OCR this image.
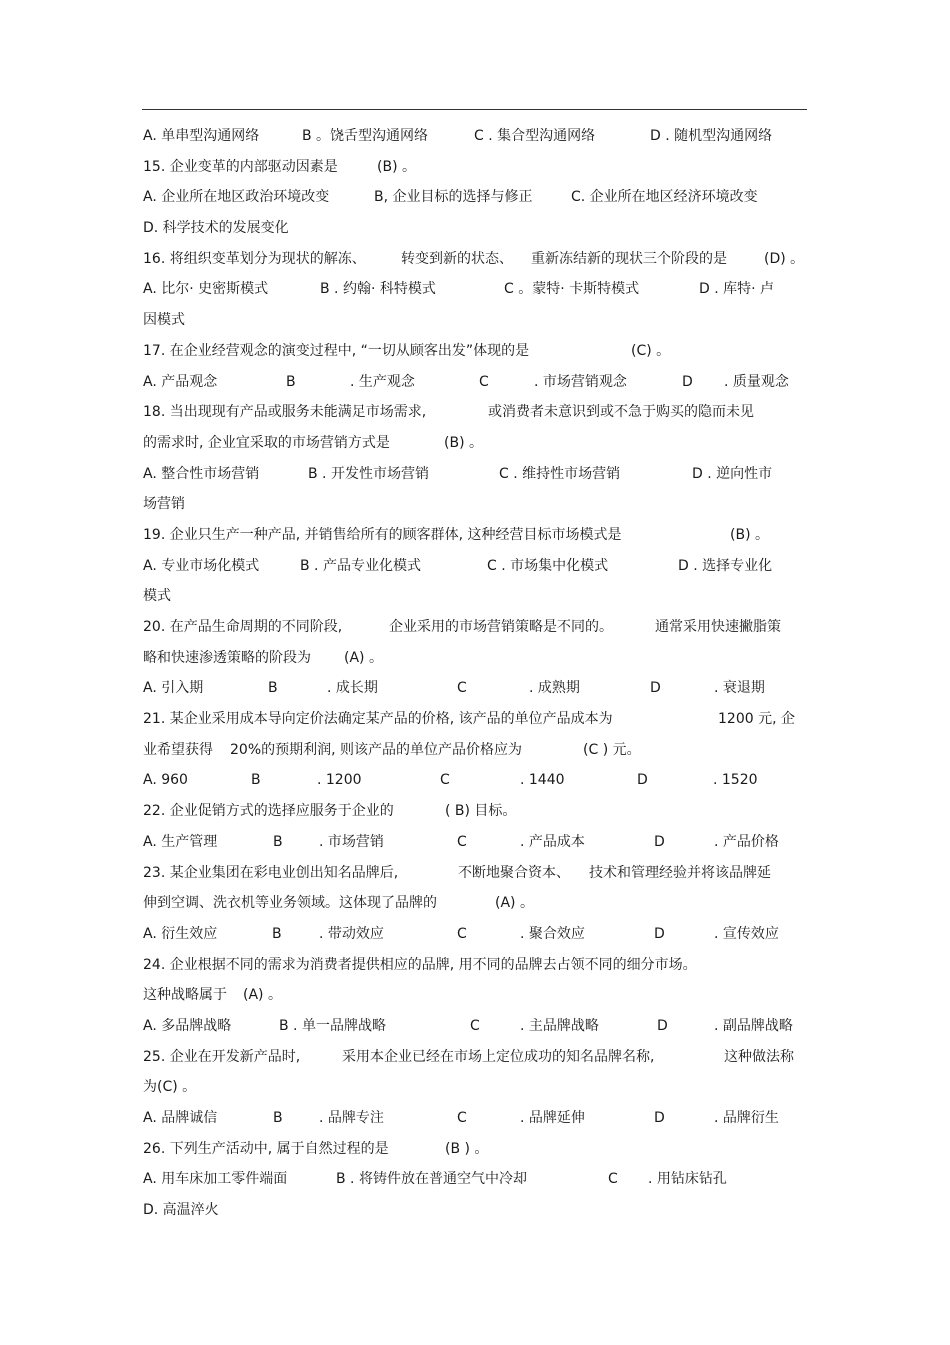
A. 单串型沟通网络	B 。饶舌型沟通网络	C . 集合型沟通网络	D . 随机型沟通网络
15. 企业变革的内部驱动因素是	(B) 。
A. 企业所在地区政治环境改变	B, 企业目标的选择与修正	C. 企业所在地区经济环境改变
D. 科学技术的发展变化
16. 将组织变革划分为现状的解冻、	转变到新的状态、 重新冻结新的现状三个阶段的是	(D) 。
A. 比尔· 史密斯模式	B . 约翰· 科特模式	C 。蒙特· 卡斯特模式	D . 库特· 卢
因模式
17. 在企业经营观念的演变过程中, “一切从顾客出发”体现的是	(C) 。
A. 产品观念	B	. 生产观念	C	. 市场营销观念	D . 质量观念
18. 当出现现有产品或服务未能满足市场需求,	或消费者未意识到或不急于购买的隐而未见
的需求时, 企业宜采取的市场营销方式是	(B) 。
A. 整合性市场营销	B . 开发性市场营销	C . 维持性市场营销	D . 逆向性市
场营销
19. 企业只生产一种产品, 并销售给所有的顾客群体, 这种经营目标市场模式是	(B) 。
A. 专业市场化模式	B . 产品专业化模式	C . 市场集中化模式	D . 选择专业化
模式
20. 在产品生命周期的不同阶段,	企业采用的市场营销策略是不同的。	通常采用快速撇脂策
略和快速渗透策略的阶段为 (A) 。
A. 引入期	B	. 成长期	C	. 成熟期	D	. 衰退期
21. 某企业采用成本导向定价法确定某产品的价格, 该产品的单位产品成本为	1200 元, 企
业希望获得 20%的预期利润, 则该产品的单位产品价格应为	(C ) 元。
A. 960	B	. 1200	C	. 1440	D	. 1520
22. 企业促销方式的选择应服务于企业的	( B) 目标。
A. 生产管理	B	. 市场营销	C	. 产品成本	D	. 产品价格
23. 某企业集团在彩电业创出知名品牌后,	不断地聚合资本、 技术和管理经验并将该品牌延
伸到空调、洗衣机等业务领域。这体现了品牌的	(A) 。
A. 衍生效应	B	. 带动效应	C	. 聚合效应	D	. 宣传效应
24. 企业根据不同的需求为消费者提供相应的品牌, 用不同的品牌去占领不同的细分市场。
这种战略属于 (A) 。
A. 多品牌战略	B . 单一品牌战略	C	. 主品牌战略	D	. 副品牌战略
25. 企业在开发新产品时,	采用本企业已经在市场上定位成功的知名品牌名称,	这种做法称
为(C) 。
A. 品牌诚信	B	. 品牌专注	C	. 品牌延伸	D	. 品牌衍生
26. 下列生产活动中, 属于自然过程的是	(B ) 。
A. 用车床加工零件端面	B . 将铸件放在普通空气中冷却	C . 用钻床钻孔
D. 高温淬火
